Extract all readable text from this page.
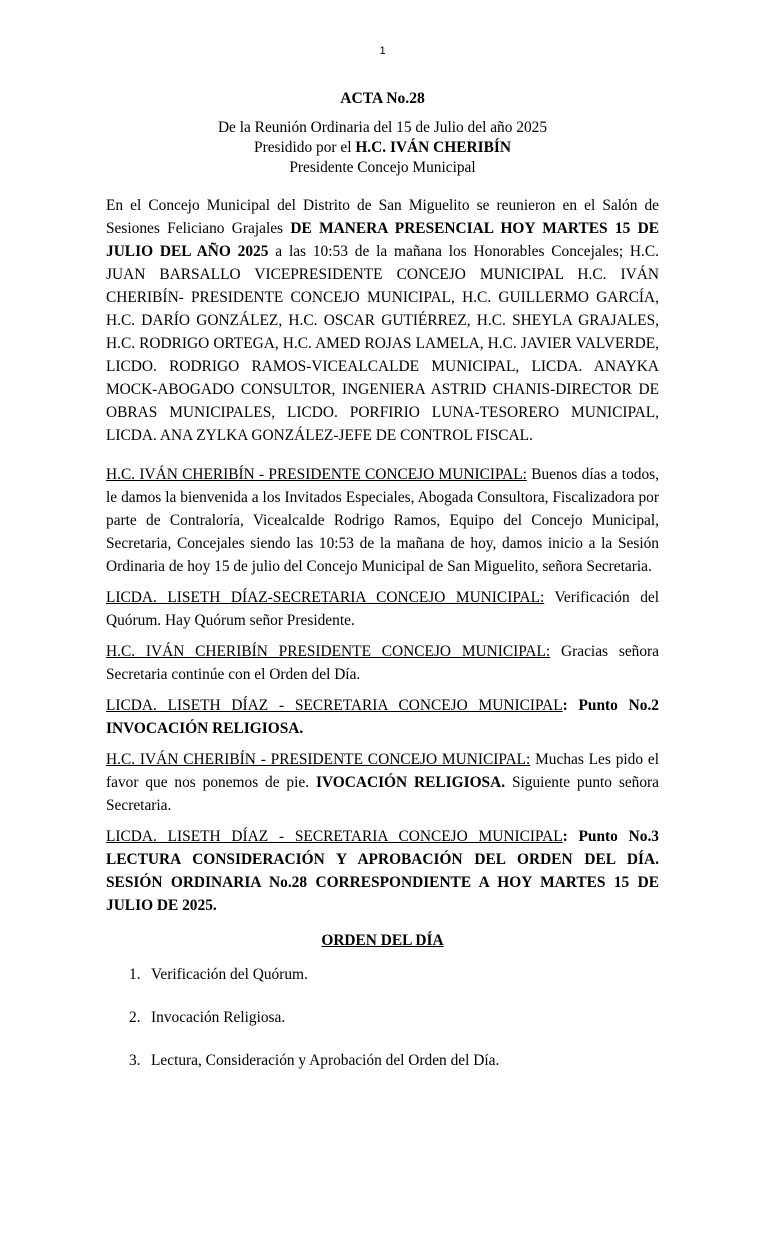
1
ACTA No.28
De la Reunión Ordinaria del 15 de Julio del año 2025
Presidido por el H.C. IVÁN CHERIBÍN
Presidente Concejo Municipal

En el Concejo Municipal del Distrito de San Miguelito se reunieron en el Salón de Sesiones Feliciano Grajales DE MANERA PRESENCIAL HOY MARTES 15 DE JULIO DEL AÑO 2025 a las 10:53 de la mañana los Honorables Concejales; H.C. JUAN BARSALLO VICEPRESIDENTE CONCEJO MUNICIPAL H.C. IVÁN CHERIBÍN- PRESIDENTE CONCEJO MUNICIPAL, H.C. GUILLERMO GARCÍA, H.C. DARÍO GONZÁLEZ, H.C. OSCAR GUTIÉRREZ, H.C. SHEYLA GRAJALES, H.C. RODRIGO ORTEGA, H.C. AMED ROJAS LAMELA, H.C. JAVIER VALVERDE, LICDO. RODRIGO RAMOS-VICEALCALDE MUNICIPAL, LICDA. ANAYKA MOCK-ABOGADO CONSULTOR, INGENIERA ASTRID CHANIS-DIRECTOR DE OBRAS MUNICIPALES, LICDO. PORFIRIO LUNA-TESORERO MUNICIPAL, LICDA. ANA ZYLKA GONZÁLEZ-JEFE DE CONTROL FISCAL.

H.C. IVÁN CHERIBÍN - PRESIDENTE CONCEJO MUNICIPAL: Buenos días a todos, le damos la bienvenida a los Invitados Especiales, Abogada Consultora, Fiscalizadora por parte de Contraloría, Vicealcalde Rodrigo Ramos, Equipo del Concejo Municipal, Secretaria, Concejales siendo las 10:53 de la mañana de hoy, damos inicio a la Sesión Ordinaria de hoy 15 de julio del Concejo Municipal de San Miguelito, señora Secretaria.

LICDA. LISETH DÍAZ-SECRETARIA CONCEJO MUNICIPAL: Verificación del Quórum. Hay Quórum señor Presidente.

H.C. IVÁN CHERIBÍN PRESIDENTE CONCEJO MUNICIPAL: Gracias señora Secretaria continúe con el Orden del Día.

LICDA. LISETH DÍAZ - SECRETARIA CONCEJO MUNICIPAL: Punto No.2 INVOCACIÓN RELIGIOSA.

H.C. IVÁN CHERIBÍN - PRESIDENTE CONCEJO MUNICIPAL: Muchas Les pido el favor que nos ponemos de pie. IVOCACIÓN RELIGIOSA. Siguiente punto señora Secretaria.

LICDA. LISETH DÍAZ - SECRETARIA CONCEJO MUNICIPAL: Punto No.3 LECTURA CONSIDERACIÓN Y APROBACIÓN DEL ORDEN DEL DÍA. SESIÓN ORDINARIA No.28 CORRESPONDIENTE A HOY MARTES 15 DE JULIO DE 2025.

ORDEN DEL DÍA
1. Verificación del Quórum.
2. Invocación Religiosa.
3. Lectura, Consideración y Aprobación del Orden del Día.
